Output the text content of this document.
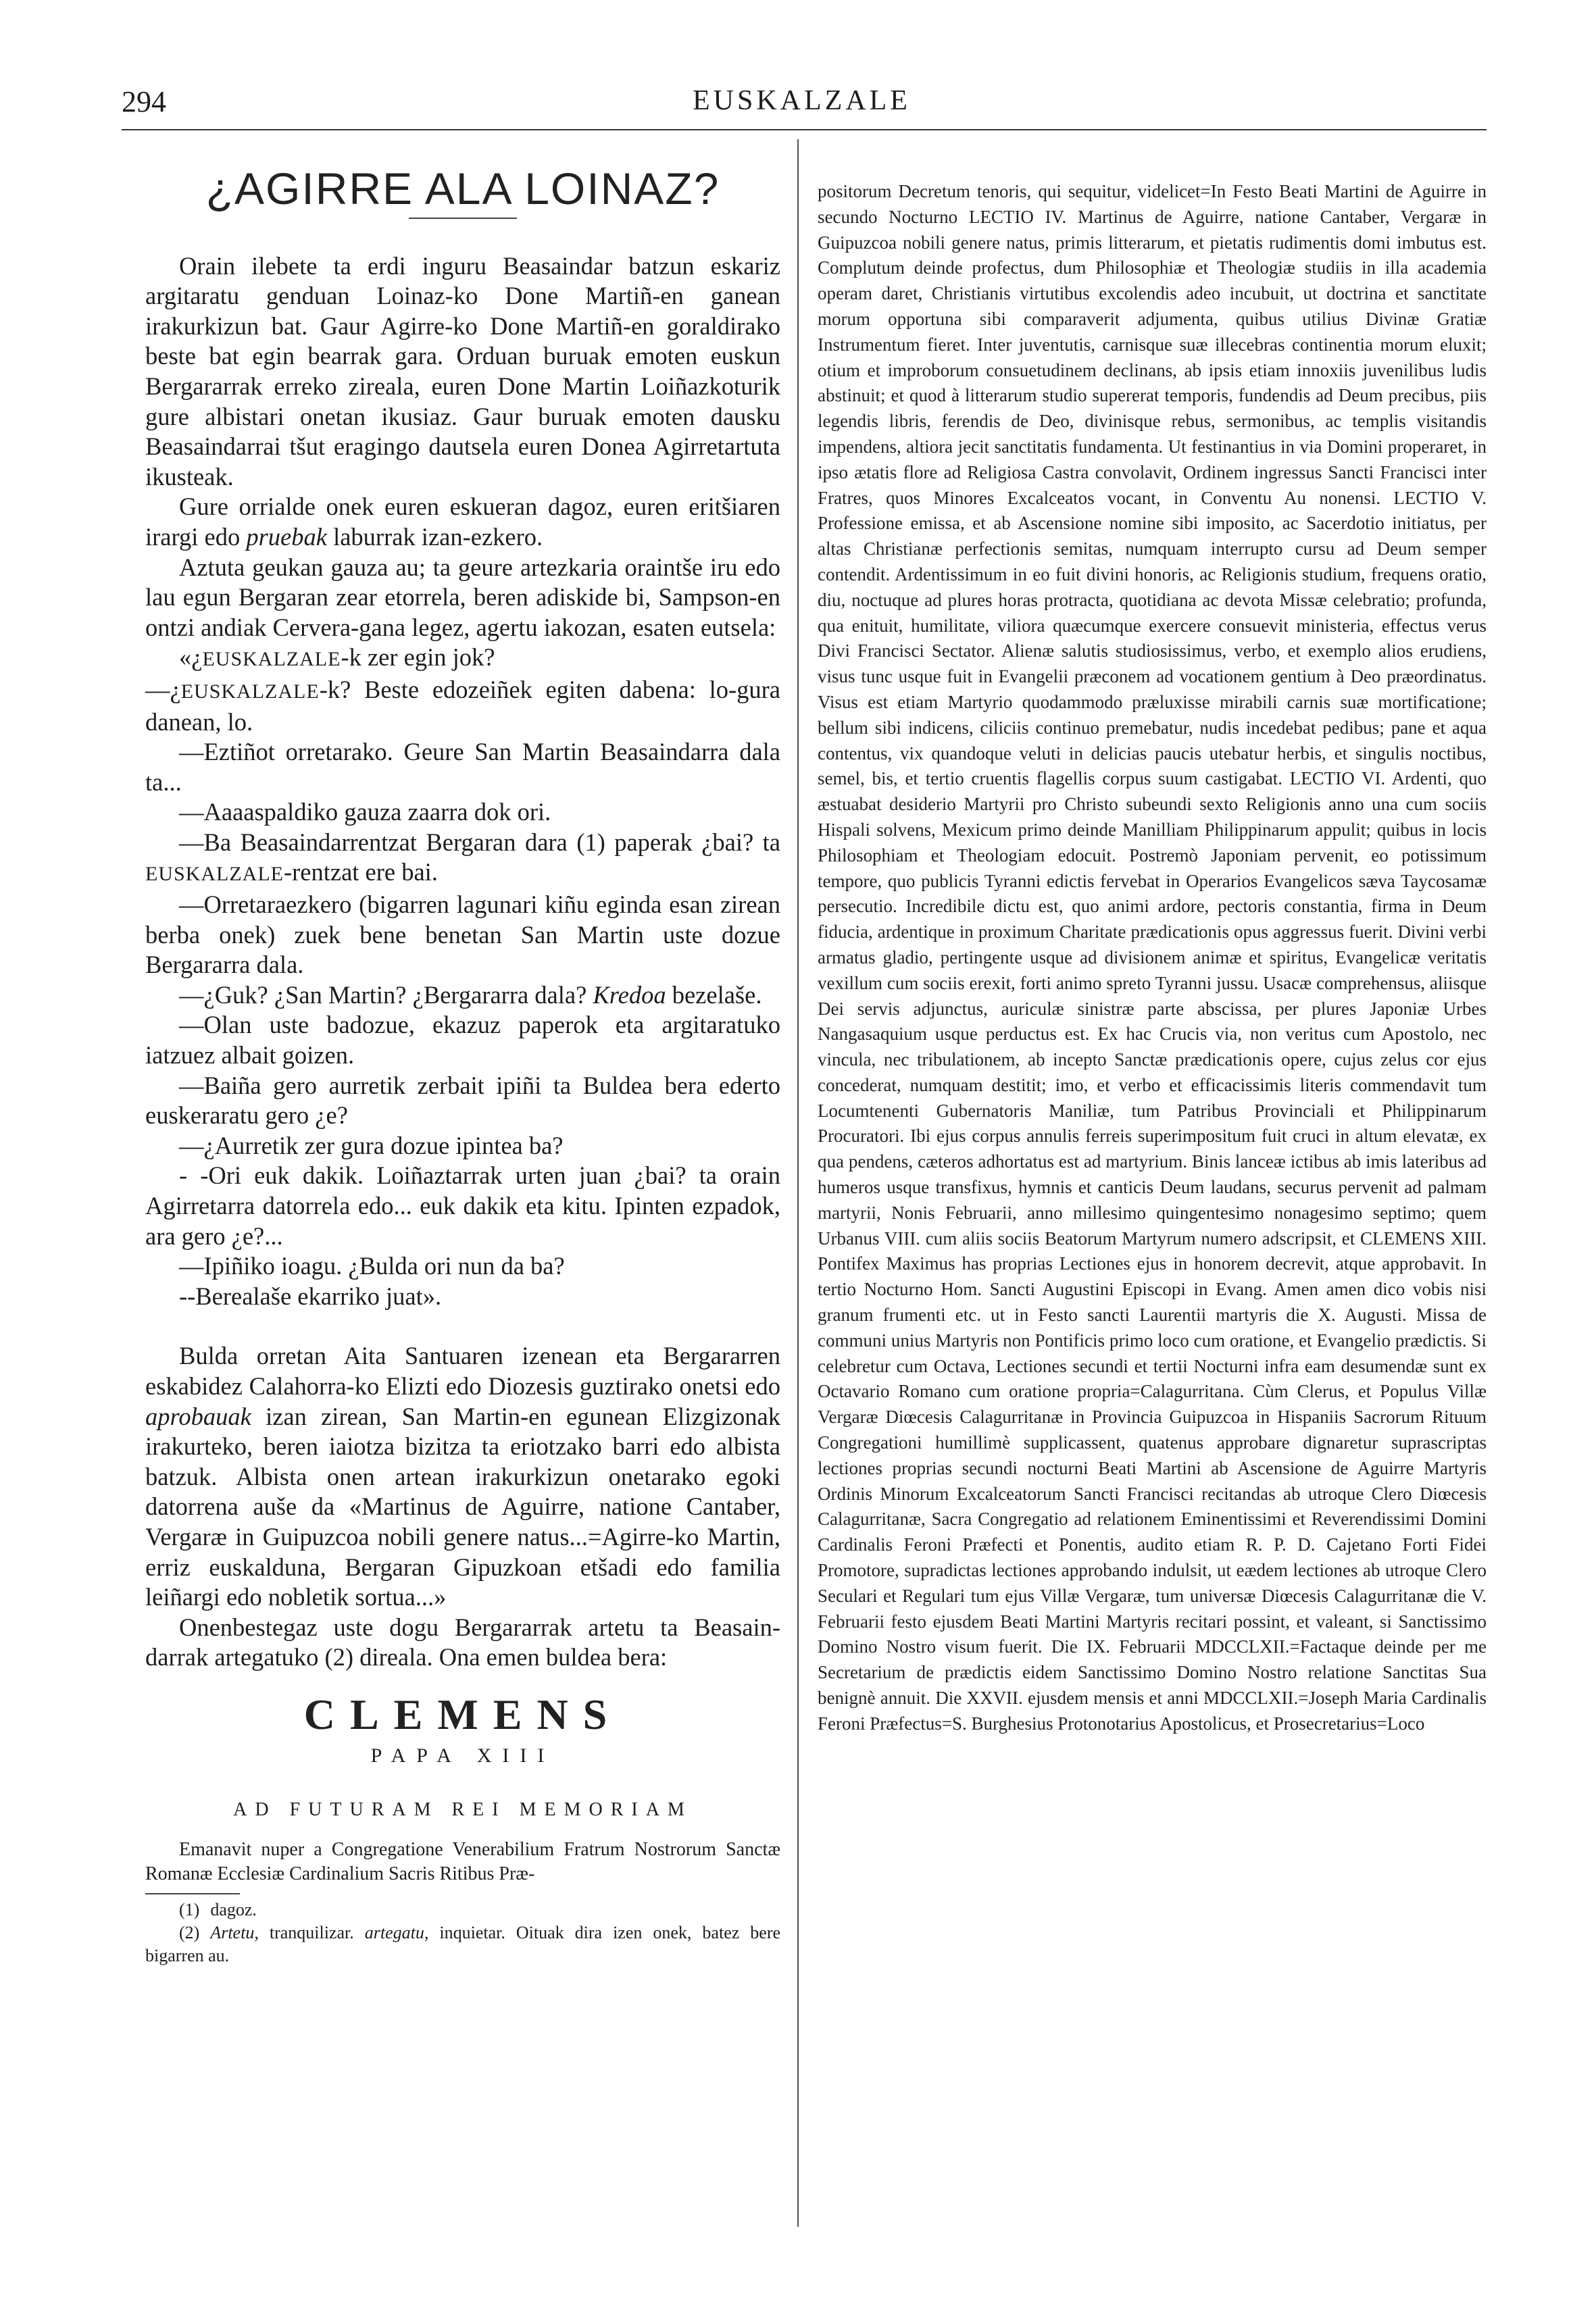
294	EUSKALZALE
¿AGIRRE ALA LOINAZ?

Orain ilebete ta erdi inguru Beasaindar batzun eskariz argitaratu genduan Loinaz-ko Done Martiñ-en ganean irakurkizun bat. Gaur Agirre-ko Done Martiñ-en goraldirako beste bat egin bearrak gara. Orduan buruak emoten euskun Bergararrak erreko zireala, euren Done Martin Loiñazkoturik gure albistari onetan ikusiaz. Gaur buruak emoten dausku Beasaindarrai tšut eragingo dautsela euren Donea Agirretartuta ikusteak.

Gure orrialde onek euren eskueran dagoz, euren eritšiaren irargi edo pruebak laburrak izan-ezkero.

Aztuta geukan gauza au; ta geure artezkaria oraintše iru edo lau egun Bergaran zear etorrela, beren adiskide bi, Sampson-en ontzi andiak Cervera-gana legez, agertu iakozan, esaten eutsela:

«¿EUSKALZALE-k zer egin jok?

—¿EUSKALZALE-k? Beste edozeiñek egiten dabena: lo-gura danean, lo.

—Eztiñot orretarako. Geure San Martin Beasaindarra dala ta...

—Aaaaspaldiko gauza zaarra dok ori.

—Ba Beasaindarrentzat Bergaran dara (1) paperak ¿bai? ta EUSKALZALE-rentzat ere bai.

—Orretaraezkero (bigarren lagunari kiñu eginda esan zirean berba onek) zuek bene benetan San Martin uste dozue Bergararra dala.

—¿Guk? ¿San Martin? ¿Bergararra dala? Kredoa bezelaše.

—Olan uste badozue, ekazuz paperok eta argitaratuko iatzuez albait goizen.

—Baiña gero aurretik zerbait ipiñi ta Buldea bera ederto euskeraratu gero ¿e?

—¿Aurretik zer gura dozue ipintea ba?

- -Ori euk dakik. Loiñaztarrak urten juan ¿bai? ta orain Agirretarra datorrela edo... euk dakik eta kitu. Ipinten ezpadok, ara gero ¿e?...

—Ipiñiko ioagu. ¿Bulda ori nun da ba?

--Berealaše ekarriko juat».

Bulda orretan Aita Santuaren izenean eta Bergararren eskabidez Calahorra-ko Elizti edo Diozesis guztirako onetsi edo aprobauak izan zirean, San Martin-en egunean Elizgizonak irakurteko, beren iaiotza bizitza ta eriotzako barri edo albista batzuk. Albista onen artean irakurkizun onetarako egoki datorrena auše da «Martinus de Aguirre, natione Cantaber, Vergaræ in Guipuzcoa nobili genere natus...=Agirre-ko Martin, erriz euskalduna, Bergaran Gipuzkoan etšadi edo familia leiñargi edo nobletik sortua...»

Onenbestegaz uste dogu Bergararrak artetu ta Beasain-darrak artegatuko (2) direala. Ona emen buldea bera:

CLEMENS
PAPA XIII
AD FUTURAM REI MEMORIAM

Emanavit nuper a Congregatione Venerabilium Fratrum Nostrorum Sanctæ Romanæ Ecclesiæ Cardinalium Sacris Ritibus Præ-

(1) dagoz.

(2) Artetu, tranquilizar. artegatu, inquietar. Oituak dira izen onek, batez bere bigarren au.

positorum Decretum tenoris, qui sequitur, videlicet=In Festo Beati Martini de Aguirre in secundo Nocturno LECTIO IV. Martinus de Aguirre, natione Cantaber, Vergaræ in Guipuzcoa nobili genere natus, primis litterarum, et pietatis rudimentis domi imbutus est. Complutum deinde profectus, dum Philosophiæ et Theologiæ studiis in illa academia operam daret, Christianis virtutibus excolendis adeo incubuit, ut doctrina et sanctitate morum opportuna sibi comparaverit adjumenta, quibus utilius Divinæ Gratiæ Instrumentum fieret. Inter juventutis, carnisque suæ illecebras continentia morum eluxit; otium et improborum consuetudinem declinans, ab ipsis etiam innoxiis juvenilibus ludis abstinuit; et quod à litterarum studio supererat temporis, fundendis ad Deum precibus, piis legendis libris, ferendis de Deo, divinisque rebus, sermonibus, ac templis visitandis impendens, altiora jecit sanctitatis fundamenta. Ut festinantius in via Domini properaret, in ipso ætatis flore ad Religiosa Castra convolavit, Ordinem ingressus Sancti Francisci inter Fratres, quos Minores Excalceatos vocant, in Conventu Au nonensi. LECTIO V. Professione emissa, et ab Ascensione nomine sibi imposito, ac Sacerdotio initiatus, per altas Christianæ perfectionis semitas, numquam interrupto cursu ad Deum semper contendit. Ardentissimum in eo fuit divini honoris, ac Religionis studium, frequens oratio, diu, noctuque ad plures horas protracta, quotidiana ac devota Missæ celebratio; profunda, qua enituit, humilitate, viliora quæcumque exercere consuevit ministeria, effectus verus Divi Francisci Sectator. Alienæ salutis studiosissimus, verbo, et exemplo alios erudiens, visus tunc usque fuit in Evangelii præconem ad vocationem gentium à Deo præordinatus. Visus est etiam Martyrio quodammodo præluxisse mirabili carnis suæ mortificatione; bellum sibi indicens, ciliciis continuo premebatur, nudis incedebat pedibus; pane et aqua contentus, vix quandoque veluti in delicias paucis utebatur herbis, et singulis noctibus, semel, bis, et tertio cruentis flagellis corpus suum castigabat. LECTIO VI. Ardenti, quo æstuabat desiderio Martyrii pro Christo subeundi sexto Religionis anno una cum sociis Hispali solvens, Mexicum primo deinde Manilliam Philippinarum appulit; quibus in locis Philosophiam et Theologiam edocuit. Postremò Japoniam pervenit, eo potissimum tempore, quo publicis Tyranni edictis fervebat in Operarios Evangelicos sæva Taycosamæ persecutio. Incredibile dictu est, quo animi ardore, pectoris constantia, firma in Deum fiducia, ardentique in proximum Charitate prædicationis opus aggressus fuerit. Divini verbi armatus gladio, pertingente usque ad divisionem animæ et spiritus, Evangelicæ veritatis vexillum cum sociis erexit, forti animo spreto Tyranni jussu. Usacæ comprehensus, aliisque Dei servis adjunctus, auriculæ sinistræ parte abscissa, per plures Japoniæ Urbes Nangasaquium usque perductus est. Ex hac Crucis via, non veritus cum Apostolo, nec vincula, nec tribulationem, ab incepto Sanctæ prædicationis opere, cujus zelus cor ejus concederat, numquam destitit; imo, et verbo et efficacissimis literis commendavit tum Locumtenenti Gubernatoris Maniliæ, tum Patribus Provinciali et Philippinarum Procuratori. Ibi ejus corpus annulis ferreis superimpositum fuit cruci in altum elevatæ, ex qua pendens, cæteros adhortatus est ad martyrium. Binis lanceæ ictibus ab imis lateribus ad humeros usque transfixus, hymnis et canticis Deum laudans, securus pervenit ad palmam martyrii, Nonis Februarii, anno millesimo quingentesimo nonagesimo septimo; quem Urbanus VIII. cum aliis sociis Beatorum Martyrum numero adscripsit, et CLEMENS XIII. Pontifex Maximus has proprias Lectiones ejus in honorem decrevit, atque approbavit. In tertio Nocturno Hom. Sancti Augustini Episcopi in Evang. Amen amen dico vobis nisi granum frumenti etc. ut in Festo sancti Laurentii martyris die X. Augusti. Missa de communi unius Martyris non Pontificis primo loco cum oratione, et Evangelio prædictis. Si celebretur cum Octava, Lectiones secundi et tertii Nocturni infra eam desumendæ sunt ex Octavario Romano cum oratione propria=Calagurritana. Cùm Clerus, et Populus Villæ Vergaræ Diœcesis Calagurritanæ in Provincia Guipuzcoa in Hispaniis Sacrorum Rituum Congregationi humillimè supplicassent, quatenus approbare dignaretur suprascriptas lectiones proprias secundi nocturni Beati Martini ab Ascensione de Aguirre Martyris Ordinis Minorum Excalceatorum Sancti Francisci recitandas ab utroque Clero Diœcesis Calagurritanæ, Sacra Congregatio ad relationem Eminentissimi et Reverendissimi Domini Cardinalis Feroni Præfecti et Ponentis, audito etiam R. P. D. Cajetano Forti Fidei Promotore, supradictas lectiones approbando indulsit, ut eædem lectiones ab utroque Clero Seculari et Regulari tum ejus Villæ Vergaræ, tum universæ Diœcesis Calagurritanæ die V. Februarii festo ejusdem Beati Martini Martyris recitari possint, et valeant, si Sanctissimo Domino Nostro visum fuerit. Die IX. Februarii MDCCLXII.=Factaque deinde per me Secretarium de prædictis eidem Sanctissimo Domino Nostro relatione Sanctitas Sua benignè annuit. Die XXVII. ejusdem mensis et anni MDCCLXII.=Joseph Maria Cardinalis Feroni Præfectus=S. Burghesius Protonotarius Apostolicus, et Prosecretarius=Loco
